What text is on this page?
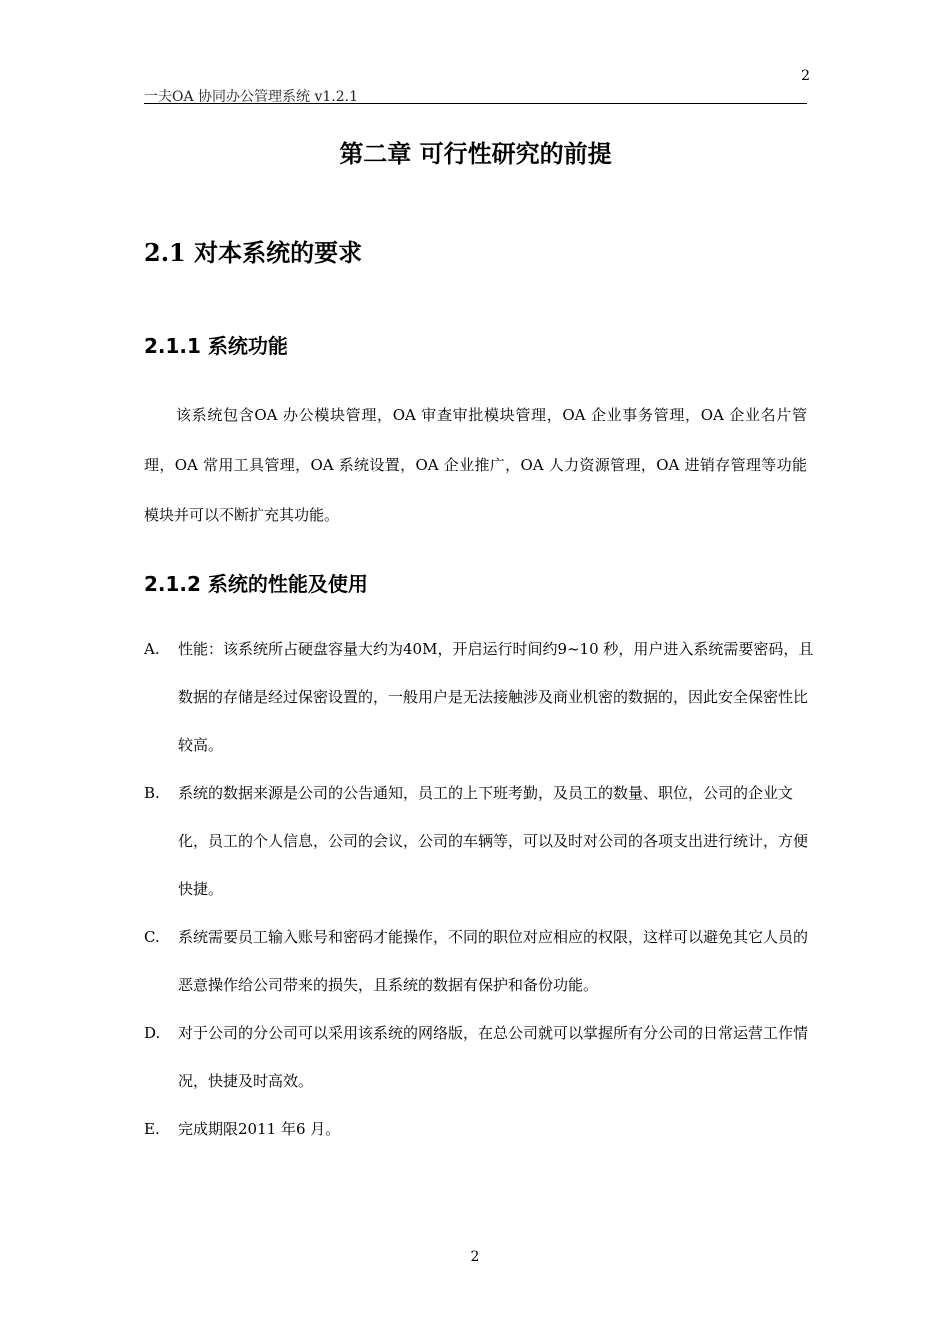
2
一夫OA 协同办公管理系统 v1.2.1
第二章 可行性研究的前提
2.1 对本系统的要求
2.1.1 系统功能

该系统包含OA 办公模块管理，OA 审查审批模块管理，OA 企业事务管理，OA 企业名片管理，OA 常用工具管理，OA 系统设置，OA 企业推广，OA 人力资源管理，OA 进销存管理等功能模块并可以不断扩充其功能。

2.1.2 系统的性能及使用
A. 性能：该系统所占硬盘容量大约为40M，开启运行时间约9~10 秒，用户进入系统需要密码，且数据的存储是经过保密设置的，一般用户是无法接触涉及商业机密的数据的，因此安全保密性比较高。
B. 系统的数据来源是公司的公告通知，员工的上下班考勤，及员工的数量、职位，公司的企业文化，员工的个人信息，公司的会议，公司的车辆等，可以及时对公司的各项支出进行统计，方便快捷。
C. 系统需要员工输入账号和密码才能操作，不同的职位对应相应的权限，这样可以避免其它人员的恶意操作给公司带来的损失，且系统的数据有保护和备份功能。
D. 对于公司的分公司可以采用该系统的网络版，在总公司就可以掌握所有分公司的日常运营工作情况，快捷及时高效。
E. 完成期限2011 年6 月。
2
